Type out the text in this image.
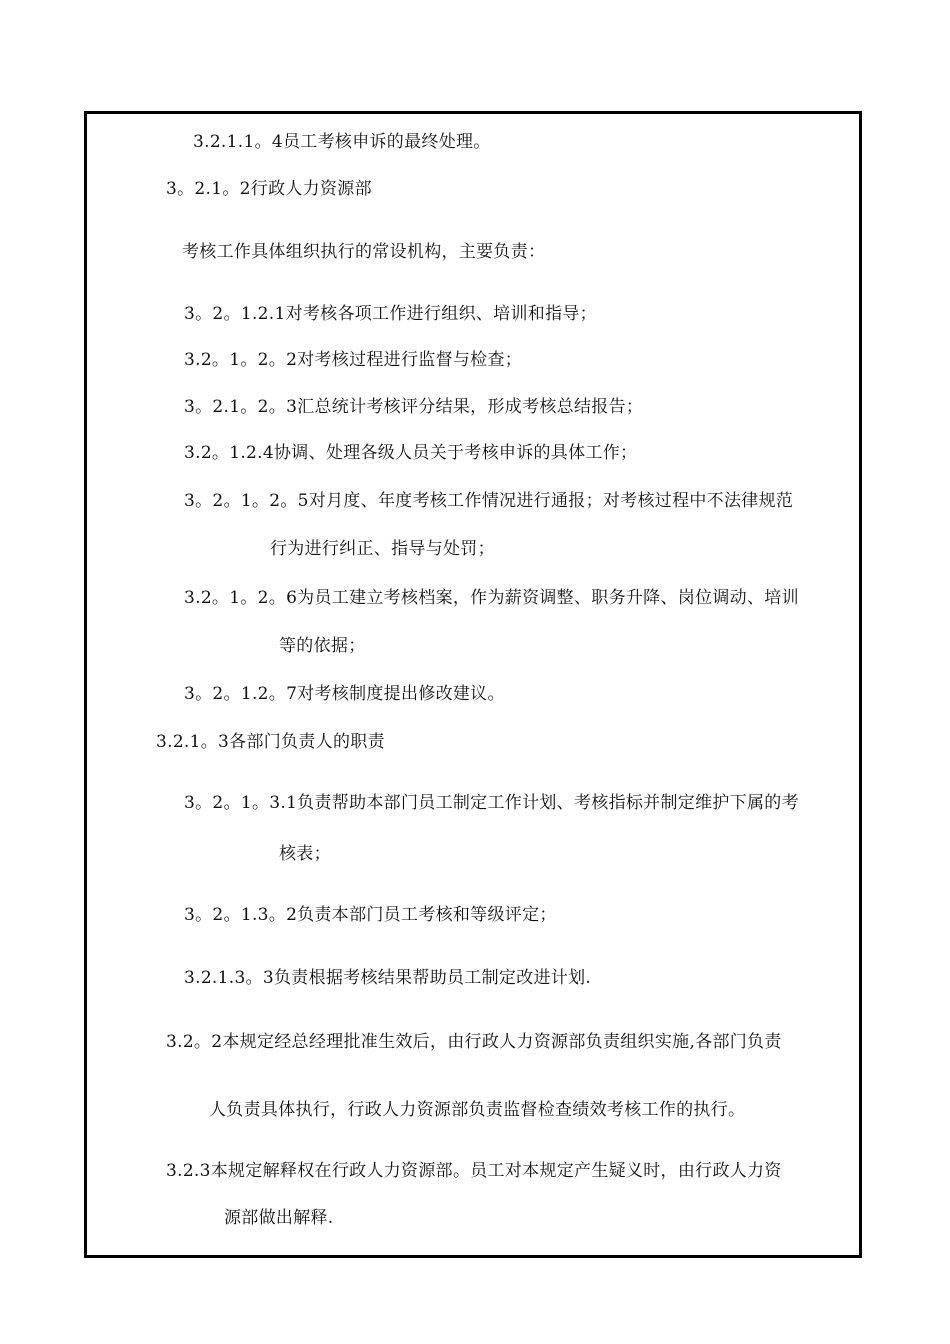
3.2.1.1。4员工考核申诉的最终处理。
3。2.1。2行政人力资源部
考核工作具体组织执行的常设机构，主要负责：
3。2。1.2.1对考核各项工作进行组织、培训和指导；
3.2。1。2。2对考核过程进行监督与检查；
3。2.1。2。3汇总统计考核评分结果，形成考核总结报告；
3.2。1.2.4协调、处理各级人员关于考核申诉的具体工作；
3。2。1。2。5对月度、年度考核工作情况进行通报；对考核过程中不法律规范
行为进行纠正、指导与处罚；
3.2。1。2。6为员工建立考核档案，作为薪资调整、职务升降、岗位调动、培训
等的依据；
3。2。1.2。7对考核制度提出修改建议。
3.2.1。3各部门负责人的职责
3。2。1。3.1负责帮助本部门员工制定工作计划、考核指标并制定维护下属的考
核表；
3。2。1.3。2负责本部门员工考核和等级评定；
3.2.1.3。3负责根据考核结果帮助员工制定改进计划.
3.2。2本规定经总经理批准生效后，由行政人力资源部负责组织实施,各部门负责
人负责具体执行，行政人力资源部负责监督检查绩效考核工作的执行。
3.2.3本规定解释权在行政人力资源部。员工对本规定产生疑义时，由行政人力资
源部做出解释.
